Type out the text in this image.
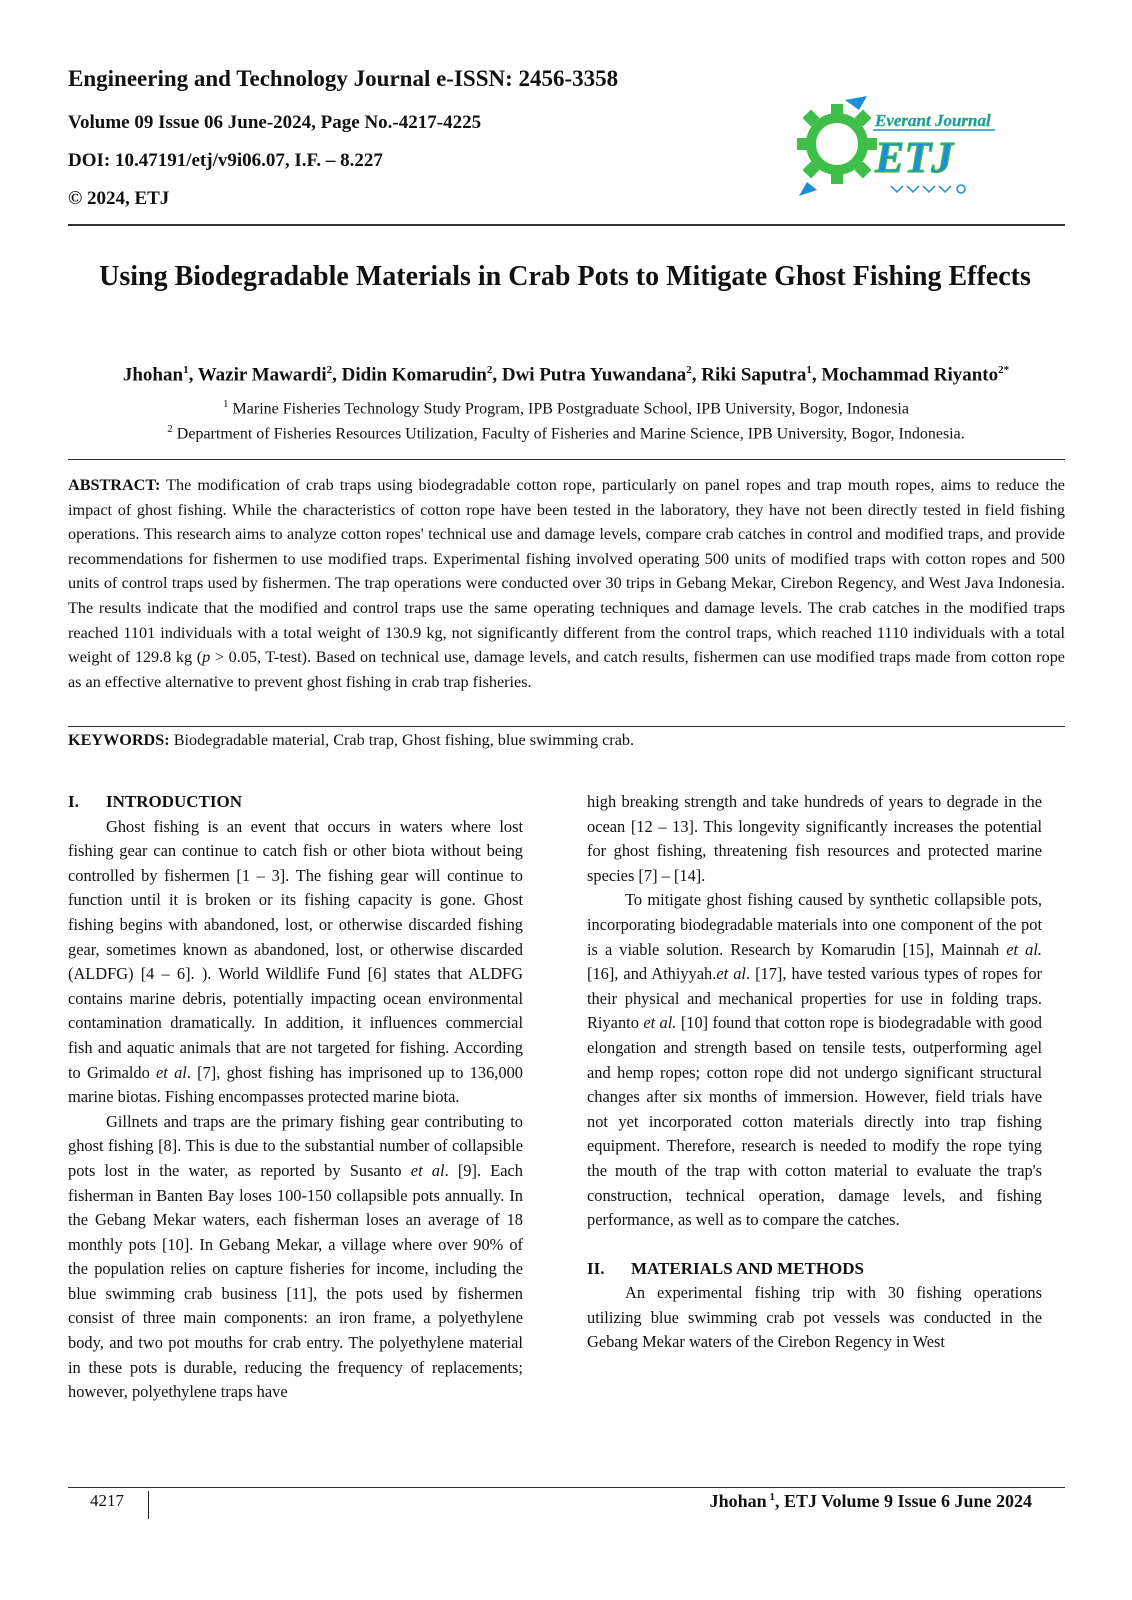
Engineering and Technology Journal e-ISSN: 2456-3358
Volume 09 Issue 06 June-2024, Page No.-4217-4225
DOI: 10.47191/etj/v9i06.07, I.F. – 8.227
© 2024, ETJ
Everant Journal
ETJ
Using Biodegradable Materials in Crab Pots to Mitigate Ghost Fishing Effects
Jhohan$^1$, Wazir Mawardi$^2$, Didin Komarudin$^2$, Dwi Putra Yuwandana$^2$, Riki Saputra$^1$, Mochammad Riyanto$^{2*}$
$^1$ Marine Fisheries Technology Study Program, IPB Postgraduate School, IPB University, Bogor, Indonesia
$^2$ Department of Fisheries Resources Utilization, Faculty of Fisheries and Marine Science, IPB University, Bogor, Indonesia.
ABSTRACT: The modification of crab traps using biodegradable cotton rope, particularly on panel ropes and trap mouth ropes, aims to reduce the impact of ghost fishing. While the characteristics of cotton rope have been tested in the laboratory, they have not been directly tested in field fishing operations. This research aims to analyze cotton ropes' technical use and damage levels, compare crab catches in control and modified traps, and provide recommendations for fishermen to use modified traps. Experimental fishing involved operating 500 units of modified traps with cotton ropes and 500 units of control traps used by fishermen. The trap operations were conducted over 30 trips in Gebang Mekar, Cirebon Regency, and West Java Indonesia. The results indicate that the modified and control traps use the same operating techniques and damage levels. The crab catches in the modified traps reached 1101 individuals with a total weight of 130.9 kg, not significantly different from the control traps, which reached 1110 individuals with a total weight of 129.8 kg (p > 0.05, T-test). Based on technical use, damage levels, and catch results, fishermen can use modified traps made from cotton rope as an effective alternative to prevent ghost fishing in crab trap fisheries.
KEYWORDS: Biodegradable material, Crab trap, Ghost fishing, blue swimming crab.

I. INTRODUCTION

Ghost fishing is an event that occurs in waters where lost fishing gear can continue to catch fish or other biota without being controlled by fishermen [1 – 3]. The fishing gear will continue to function until it is broken or its fishing capacity is gone. Ghost fishing begins with abandoned, lost, or otherwise discarded fishing gear, sometimes known as abandoned, lost, or otherwise discarded (ALDFG) [4 – 6]. ). World Wildlife Fund [6] states that ALDFG contains marine debris, potentially impacting ocean environmental contamination dramatically. In addition, it influences commercial fish and aquatic animals that are not targeted for fishing. According to Grimaldo et al. [7], ghost fishing has imprisoned up to 136,000 marine biotas. Fishing encompasses protected marine biota.

Gillnets and traps are the primary fishing gear contributing to ghost fishing [8]. This is due to the substantial number of collapsible pots lost in the water, as reported by Susanto et al. [9]. Each fisherman in Banten Bay loses 100-150 collapsible pots annually. In the Gebang Mekar waters, each fisherman loses an average of 18 monthly pots [10]. In Gebang Mekar, a village where over 90% of the population relies on capture fisheries for income, including the blue swimming crab business [11], the pots used by fishermen consist of three main components: an iron frame, a polyethylene body, and two pot mouths for crab entry. The polyethylene material in these pots is durable, reducing the frequency of replacements; however, polyethylene traps have

high breaking strength and take hundreds of years to degrade in the ocean [12 – 13]. This longevity significantly increases the potential for ghost fishing, threatening fish resources and protected marine species [7] – [14].

To mitigate ghost fishing caused by synthetic collapsible pots, incorporating biodegradable materials into one component of the pot is a viable solution. Research by Komarudin [15], Mainnah et al. [16], and Athiyyah.et al. [17], have tested various types of ropes for their physical and mechanical properties for use in folding traps. Riyanto et al. [10] found that cotton rope is biodegradable with good elongation and strength based on tensile tests, outperforming agel and hemp ropes; cotton rope did not undergo significant structural changes after six months of immersion. However, field trials have not yet incorporated cotton materials directly into trap fishing equipment. Therefore, research is needed to modify the rope tying the mouth of the trap with cotton material to evaluate the trap's construction, technical operation, damage levels, and fishing performance, as well as to compare the catches.

II. MATERIALS AND METHODS

An experimental fishing trip with 30 fishing operations utilizing blue swimming crab pot vessels was conducted in the Gebang Mekar waters of the Cirebon Regency in West

4217	Jhohan $^1$, ETJ Volume 9 Issue 6 June 2024
